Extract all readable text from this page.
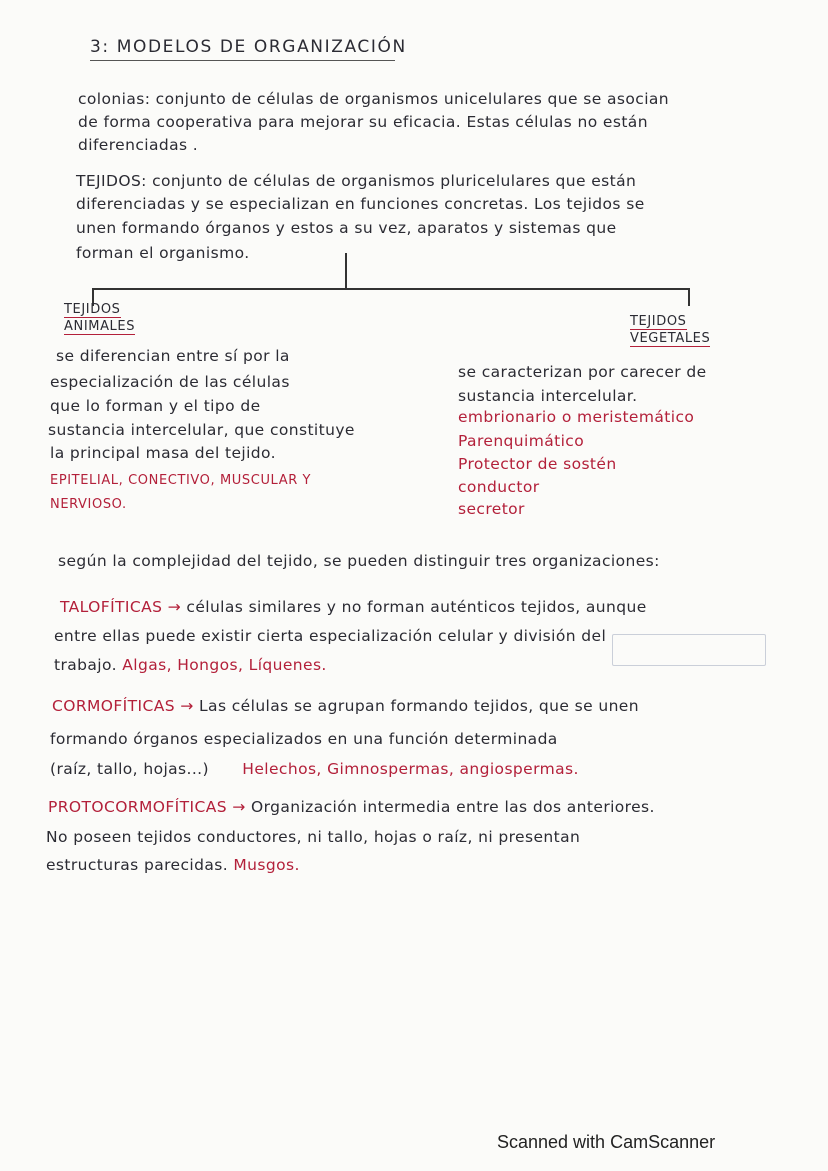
3: MODELOS DE ORGANIZACIÓN
colonias: conjunto de células de organismos unicelulares que se asocian
de forma cooperativa para mejorar su eficacia. Estas células no están
diferenciadas .
TEJIDOS: conjunto de células de organismos pluricelulares que están
diferenciadas y se especializan en funciones concretas. Los tejidos se
unen formando órganos y estos a su vez, aparatos y sistemas que
forman el organismo.
TEJIDOS
ANIMALES
se diferencian entre sí por la
especialización de las células
que lo forman y el tipo de
sustancia intercelular, que constituye
la principal masa del tejido.
EPITELIAL, CONECTIVO, MUSCULAR Y
NERVIOSO.
TEJIDOS
VEGETALES
se caracterizan por carecer de
sustancia intercelular.
embrionario o meristemático
Parenquimático
Protector de sostén
conductor
secretor
según la complejidad del tejido, se pueden distinguir tres organizaciones:
TALOFÍTICAS → células similares y no forman auténticos tejidos, aunque
entre ellas puede existir cierta especialización celular y división del
trabajo. Algas, Hongos, Líquenes.
CORMOFÍTICAS → Las células se agrupan formando tejidos, que se unen
formando órganos especializados en una función determinada
(raíz, tallo, hojas...) Helechos, Gimnospermas, angiospermas.
PROTOCORMOFÍTICAS → Organización intermedia entre las dos anteriores.
No poseen tejidos conductores, ni tallo, hojas o raíz, ni presentan
estructuras parecidas. Musgos.
Scanned with CamScanner
